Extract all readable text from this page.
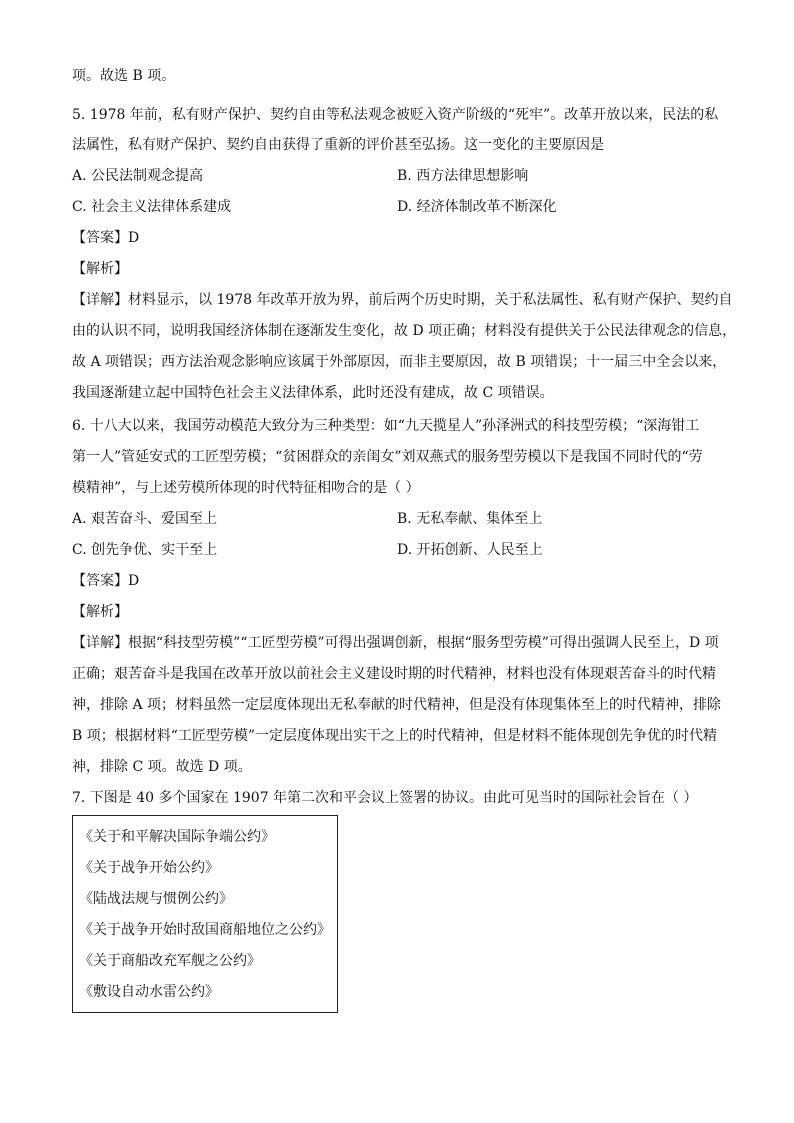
项。故选 B 项。
5. 1978 年前，私有财产保护、契约自由等私法观念被贬入资产阶级的“死牢”。改革开放以来，民法的私
法属性，私有财产保护、契约自由获得了重新的评价甚至弘扬。这一变化的主要原因是
A. 公民法制观念提高	B. 西方法律思想影响
C. 社会主义法律体系建成	D. 经济体制改革不断深化
【答案】D
【解析】
【详解】材料显示，以 1978 年改革开放为界，前后两个历史时期，关于私法属性、私有财产保护、契约自
由的认识不同，说明我国经济体制在逐渐发生变化，故 D 项正确；材料没有提供关于公民法律观念的信息，
故 A 项错误；西方法治观念影响应该属于外部原因，而非主要原因，故 B 项错误；十一届三中全会以来，
我国逐渐建立起中国特色社会主义法律体系，此时还没有建成，故 C 项错误。
6. 十八大以来，我国劳动模范大致分为三种类型：如“九天揽星人”孙泽洲式的科技型劳模；“深海钳工
第一人”管延安式的工匠型劳模；“贫困群众的亲闺女”刘双燕式的服务型劳模以下是我国不同时代的“劳
模精神”，与上述劳模所体现的时代特征相吻合的是（ ）
A. 艰苦奋斗、爱国至上	B. 无私奉献、集体至上
C. 创先争优、实干至上	D. 开拓创新、人民至上
【答案】D
【解析】
【详解】根据“科技型劳模”“工匠型劳模”可得出强调创新，根据“服务型劳模”可得出强调人民至上，D 项
正确；艰苦奋斗是我国在改革开放以前社会主义建设时期的时代精神，材料也没有体现艰苦奋斗的时代精
神，排除 A 项；材料虽然一定层度体现出无私奉献的时代精神，但是没有体现集体至上的时代精神，排除
B 项；根据材料“工匠型劳模”一定层度体现出实干之上的时代精神，但是材料不能体现创先争优的时代精
神，排除 C 项。故选 D 项。
7. 下图是 40 多个国家在 1907 年第二次和平会议上签署的协议。由此可见当时的国际社会旨在（ ）
《关于和平解决国际争端公约》
《关于战争开始公约》
《陆战法规与惯例公约》
《关于战争开始时敌国商船地位之公约》
《关于商船改充军舰之公约》
《敷设自动水雷公约》
